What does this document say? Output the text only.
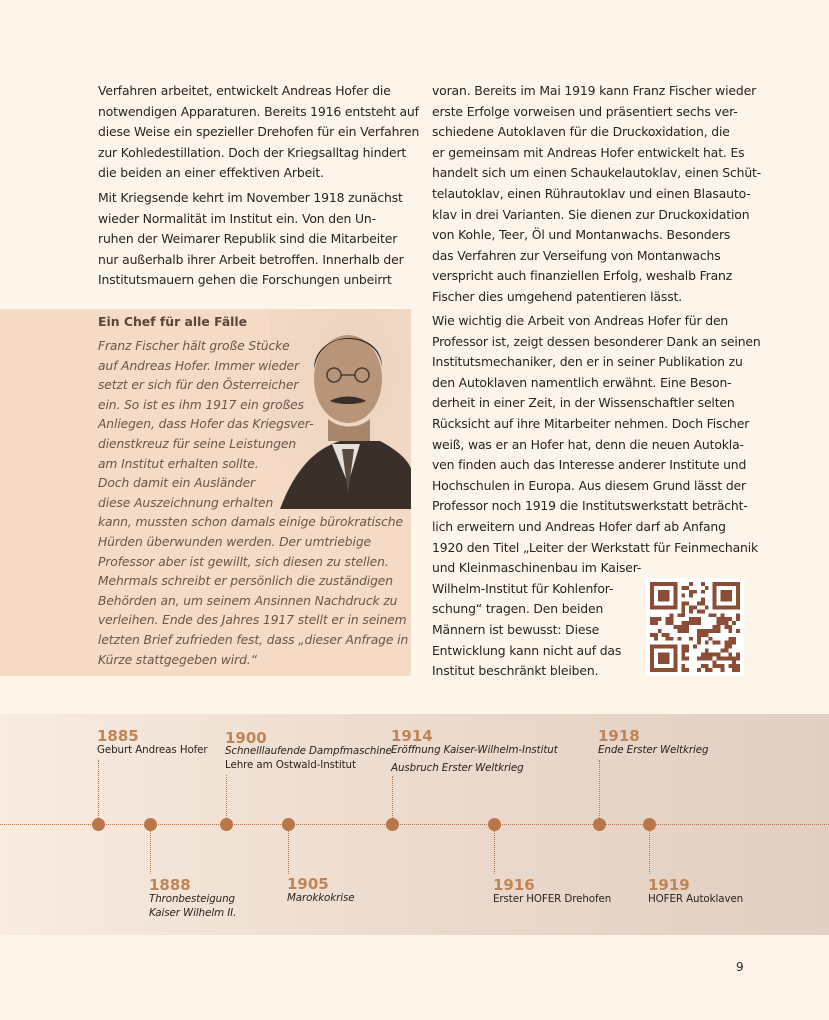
Verfahren arbeitet, entwickelt Andreas Hofer die
notwendigen Apparaturen. Bereits 1916 entsteht auf
diese Weise ein spezieller Drehofen für ein Verfahren
zur Kohledestillation. Doch der Kriegsalltag hindert
die beiden an einer effektiven Arbeit.

Mit Kriegsende kehrt im November 1918 zunächst
wieder Normalität im Institut ein. Von den Un-
ruhen der Weimarer Republik sind die Mitarbeiter
nur außerhalb ihrer Arbeit betroffen. Innerhalb der
Institutsmauern gehen die Forschungen unbeirrt

voran. Bereits im Mai 1919 kann Franz Fischer wieder
erste Erfolge vorweisen und präsentiert sechs ver-
schiedene Autoklaven für die Druckoxidation, die
er gemeinsam mit Andreas Hofer entwickelt hat. Es
handelt sich um einen Schaukelautoklav, einen Schüt-
telautoklav, einen Rührautoklav und einen Blasauto-
klav in drei Varianten. Sie dienen zur Druckoxidation
von Kohle, Teer, Öl und Montanwachs. Besonders
das Verfahren zur Verseifung von Montanwachs
verspricht auch finanziellen Erfolg, weshalb Franz
Fischer dies umgehend patentieren lässt.

Wie wichtig die Arbeit von Andreas Hofer für den
Professor ist, zeigt dessen besonderer Dank an seinen
Institutsmechaniker, den er in seiner Publikation zu
den Autoklaven namentlich erwähnt. Eine Beson-
derheit in einer Zeit, in der Wissenschaftler selten
Rücksicht auf ihre Mitarbeiter nehmen. Doch Fischer
weiß, was er an Hofer hat, denn die neuen Autokla-
ven finden auch das Interesse anderer Institute und
Hochschulen in Europa. Aus diesem Grund lässt der
Professor noch 1919 die Institutswerkstatt beträcht-
lich erweitern und Andreas Hofer darf ab Anfang
1920 den Titel „Leiter der Werkstatt für Feinmechanik
und Kleinmaschinenbau im Kaiser-
Wilhelm-Institut für Kohlenfor-
schung“ tragen. Den beiden
Männern ist bewusst: Diese
Entwicklung kann nicht auf das
Institut beschränkt bleiben.

Ein Chef für alle Fälle
Franz Fischer hält große Stücke
auf Andreas Hofer. Immer wieder
setzt er sich für den Österreicher
ein. So ist es ihm 1917 ein großes
Anliegen, dass Hofer das Kriegsver-
dienstkreuz für seine Leistungen
am Institut erhalten sollte.
Doch damit ein Ausländer
diese Auszeichnung erhalten
kann, mussten schon damals einige bürokratische
Hürden überwunden werden. Der umtriebige
Professor aber ist gewillt, sich diesen zu stellen.
Mehrmals schreibt er persönlich die zuständigen
Behörden an, um seinem Ansinnen Nachdruck zu
verleihen. Ende des Jahres 1917 stellt er in seinem
letzten Brief zufrieden fest, dass „dieser Anfrage in
Kürze stattgegeben wird.“
1885
Geburt Andreas Hofer
1888
Thronbesteigung
Kaiser Wilhelm II.
1900
Schnelllaufende Dampfmaschine
Lehre am Ostwald-Institut
1905
Marokkokrise
1914
Eröffnung Kaiser-Wilhelm-Institut
Ausbruch Erster Weltkrieg
1916
Erster HOFER Drehofen
1918
Ende Erster Weltkrieg
1919
HOFER Autoklaven
9
